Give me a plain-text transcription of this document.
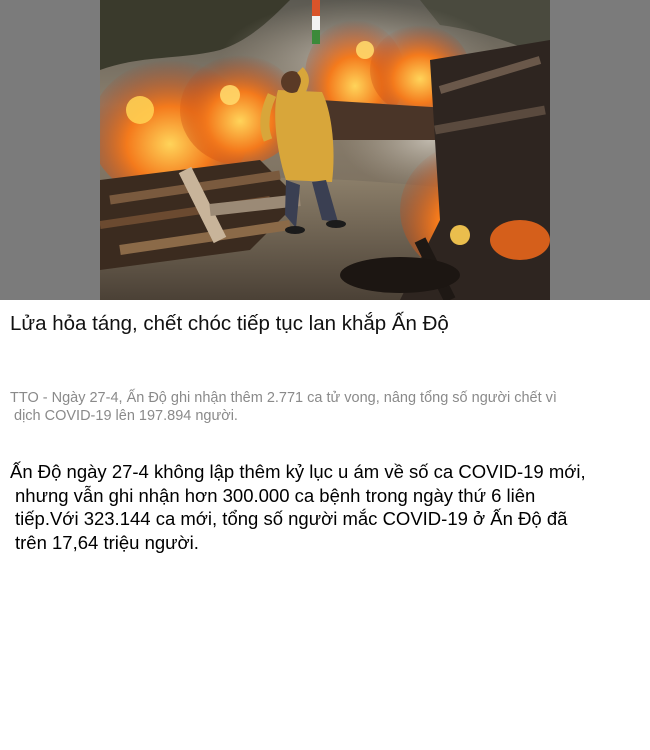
Lửa hỏa táng, chết chóc tiếp tục lan khắp Ấn Độ
TTO - Ngày 27-4, Ấn Độ ghi nhận thêm 2.771 ca tử vong, nâng tổng số người chết vì
dịch COVID-19 lên 197.894 người.
Ấn Độ ngày 27-4 không lập thêm kỷ lục u ám về số ca COVID-19 mới,
nhưng vẫn ghi nhận hơn 300.000 ca bệnh trong ngày thứ 6 liên
tiếp.Với 323.144 ca mới, tổng số người mắc COVID-19 ở Ấn Độ đã
trên 17,64 triệu người.
